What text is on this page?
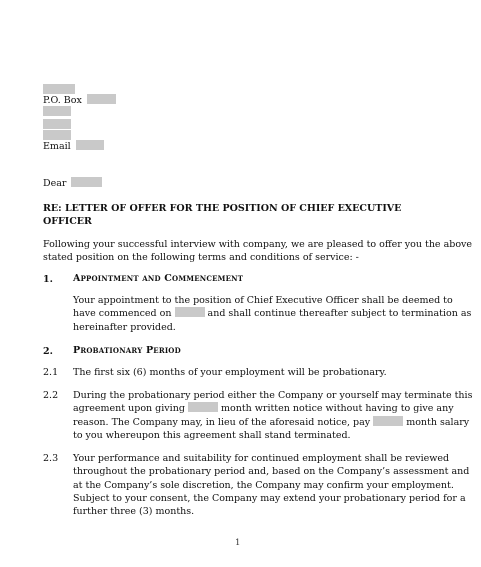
P.O. Box
Email
Dear
RE: LETTER OF OFFER FOR THE POSITION OF CHIEF EXECUTIVE
OFFICER
Following your successful interview with company, we are pleased to offer you the above
stated position on the following terms and conditions of service: -
1. Appointment and Commencement
Your appointment to the position of Chief Executive Officer shall be deemed to
have commenced on	and shall continue thereafter subject to termination as
hereinafter provided.
2. Probationary Period
2.1 The first six (6) months of your employment will be probationary.
2.2 During the probationary period either the Company or yourself may terminate this
agreement upon giving	month written notice without having to give any
reason. The Company may, in lieu of the aforesaid notice, pay	month salary
to you whereupon this agreement shall stand terminated.
2.3 Your performance and suitability for continued employment shall be reviewed
throughout the probationary period and, based on the Company’s assessment and
at the Company’s sole discretion, the Company may confirm your employment.
Subject to your consent, the Company may extend your probationary period for a
further three (3) months.
1
